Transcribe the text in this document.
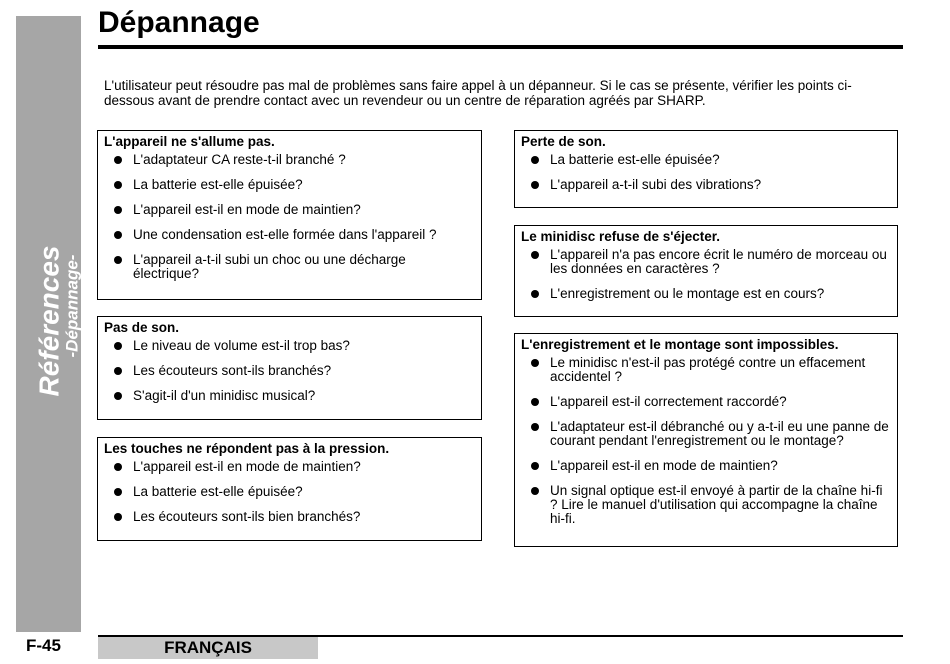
Références
-Dépannage-
Dépannage
L'utilisateur peut résoudre pas mal de problèmes sans faire appel à un dépanneur. Si le cas se présente, vérifier les points ci-dessous avant de prendre contact avec un revendeur ou un centre de réparation agréés par SHARP.
L'appareil ne s'allume pas.
L'adaptateur CA reste-t-il branché ?
La batterie est-elle épuisée?
L'appareil est-il en mode de maintien?
Une condensation est-elle formée dans l'appareil ?
L'appareil a-t-il subi un choc ou une décharge électrique?
Pas de son.
Le niveau de volume est-il trop bas?
Les écouteurs sont-ils branchés?
S'agit-il d'un minidisc musical?
Les touches ne répondent pas à la pression.
L'appareil est-il en mode de maintien?
La batterie est-elle épuisée?
Les écouteurs sont-ils bien branchés?
Perte de son.
La batterie est-elle épuisée?
L'appareil a-t-il subi des vibrations?
Le minidisc refuse de s'éjecter.
L'appareil n'a pas encore écrit le numéro de morceau ou les données en caractères ?
L'enregistrement ou le montage est en cours?
L'enregistrement et le montage sont impossibles.
Le minidisc n'est-il pas protégé contre un effacement accidentel ?
L'appareil est-il correctement raccordé?
L'adaptateur est-il débranché ou y a-t-il eu une panne de courant pendant l'enregistrement ou le montage?
L'appareil est-il en mode de maintien?
Un signal optique est-il envoyé à partir de la chaîne hi-fi ? Lire le manuel d'utilisation qui accompagne la chaîne hi-fi.
F-45	FRANÇAIS
